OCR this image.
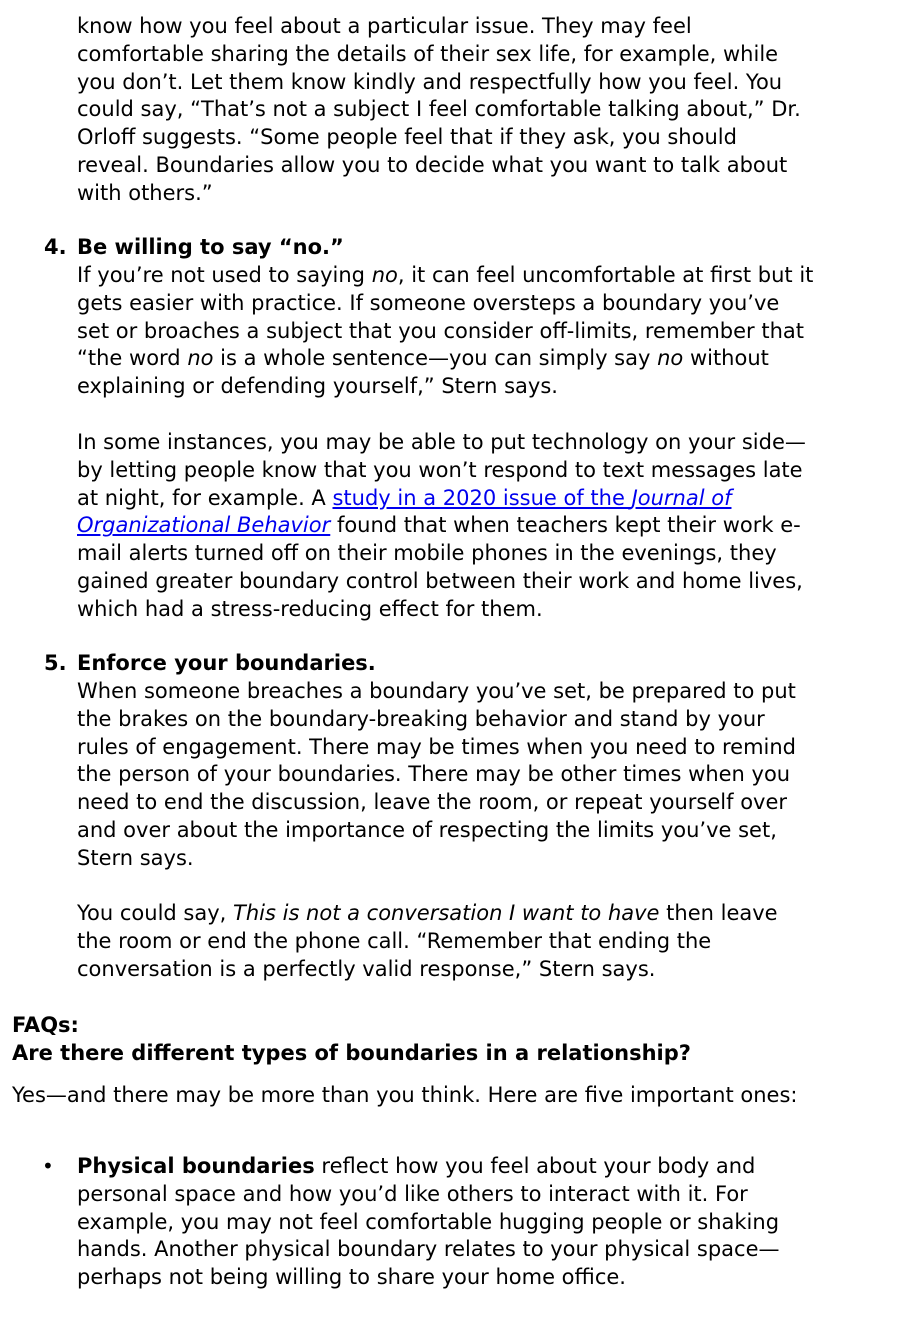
know how you feel about a particular issue. They may feel
comfortable sharing the details of their sex life, for example, while
you don’t. Let them know kindly and respectfully how you feel. You
could say, “That’s not a subject I feel comfortable talking about,” Dr.
Orloff suggests. “Some people feel that if they ask, you should
reveal. Boundaries allow you to decide what you want to talk about
with others.”
4. Be willing to say “no.”
If you’re not used to saying no, it can feel uncomfortable at first but it
gets easier with practice. If someone oversteps a boundary you’ve
set or broaches a subject that you consider off-limits, remember that
“the word no is a whole sentence—you can simply say no without
explaining or defending yourself,” Stern says.
In some instances, you may be able to put technology on your side—
by letting people know that you won’t respond to text messages late
at night, for example. A study in a 2020 issue of the Journal of
Organizational Behavior found that when teachers kept their work e-
mail alerts turned off on their mobile phones in the evenings, they
gained greater boundary control between their work and home lives,
which had a stress-reducing effect for them.
5. Enforce your boundaries.
When someone breaches a boundary you’ve set, be prepared to put
the brakes on the boundary-breaking behavior and stand by your
rules of engagement. There may be times when you need to remind
the person of your boundaries. There may be other times when you
need to end the discussion, leave the room, or repeat yourself over
and over about the importance of respecting the limits you’ve set,
Stern says.
You could say, This is not a conversation I want to have then leave
the room or end the phone call. “Remember that ending the
conversation is a perfectly valid response,” Stern says.
FAQs:
Are there different types of boundaries in a relationship?
Yes—and there may be more than you think. Here are five important ones:
• Physical boundaries reflect how you feel about your body and
personal space and how you’d like others to interact with it. For
example, you may not feel comfortable hugging people or shaking
hands. Another physical boundary relates to your physical space—
perhaps not being willing to share your home office.
